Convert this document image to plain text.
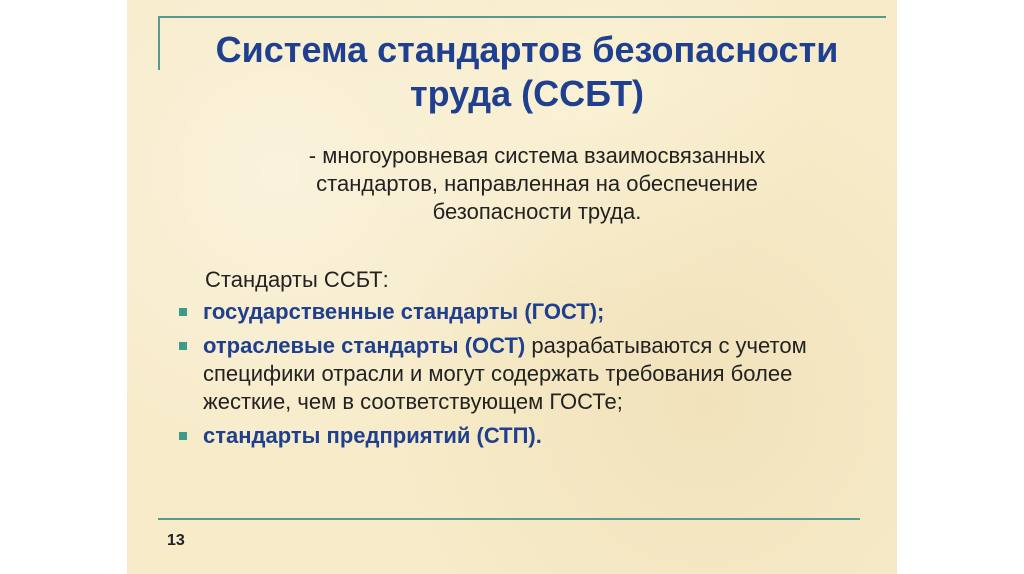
Система стандартов безопасности труда (ССБТ)
- многоуровневая система взаимосвязанных стандартов, направленная на обеспечение безопасности труда.
Стандарты ССБТ:
государственные стандарты (ГОСТ);
отраслевые стандарты (ОСТ) разрабатываются с учетом специфики отрасли и могут содержать требования более жесткие, чем в соответствующем ГОСТе;
стандарты предприятий (СТП).
13
